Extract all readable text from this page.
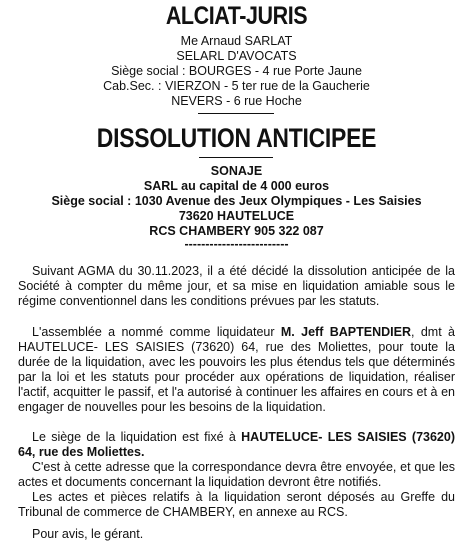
ALCIAT-JURIS
Me Arnaud SARLAT
SELARL D'AVOCATS
Siège social : BOURGES - 4 rue Porte Jaune
Cab.Sec. : VIERZON - 5 ter rue de la Gaucherie
NEVERS - 6 rue Hoche
DISSOLUTION ANTICIPEE
SONAJE
SARL au capital de 4 000 euros
Siège social : 1030 Avenue des Jeux Olympiques - Les Saisies
73620 HAUTELUCE
RCS CHAMBERY 905 322 087
-------------------------

Suivant AGMA du 30.11.2023, il a été décidé la dissolution anticipée de la Société à compter du même jour, et sa mise en liquidation amiable sous le régime conventionnel dans les conditions prévues par les statuts.

L'assemblée a nommé comme liquidateur M. Jeff BAPTENDIER, dmt à HAUTELUCE- LES SAISIES (73620) 64, rue des Moliettes, pour toute la durée de la liquidation, avec les pouvoirs les plus étendus tels que déterminés par la loi et les statuts pour procéder aux opérations de liquidation, réaliser l'actif, acquitter le passif, et l'a autorisé à continuer les affaires en cours et à en engager de nouvelles pour les besoins de la liquidation.

Le siège de la liquidation est fixé à HAUTELUCE- LES SAISIES (73620) 64, rue des Moliettes.

C'est à cette adresse que la correspondance devra être envoyée, et que les actes et documents concernant la liquidation devront être notifiés.

Les actes et pièces relatifs à la liquidation seront déposés au Greffe du Tribunal de commerce de CHAMBERY, en annexe au RCS.

Pour avis, le gérant.
